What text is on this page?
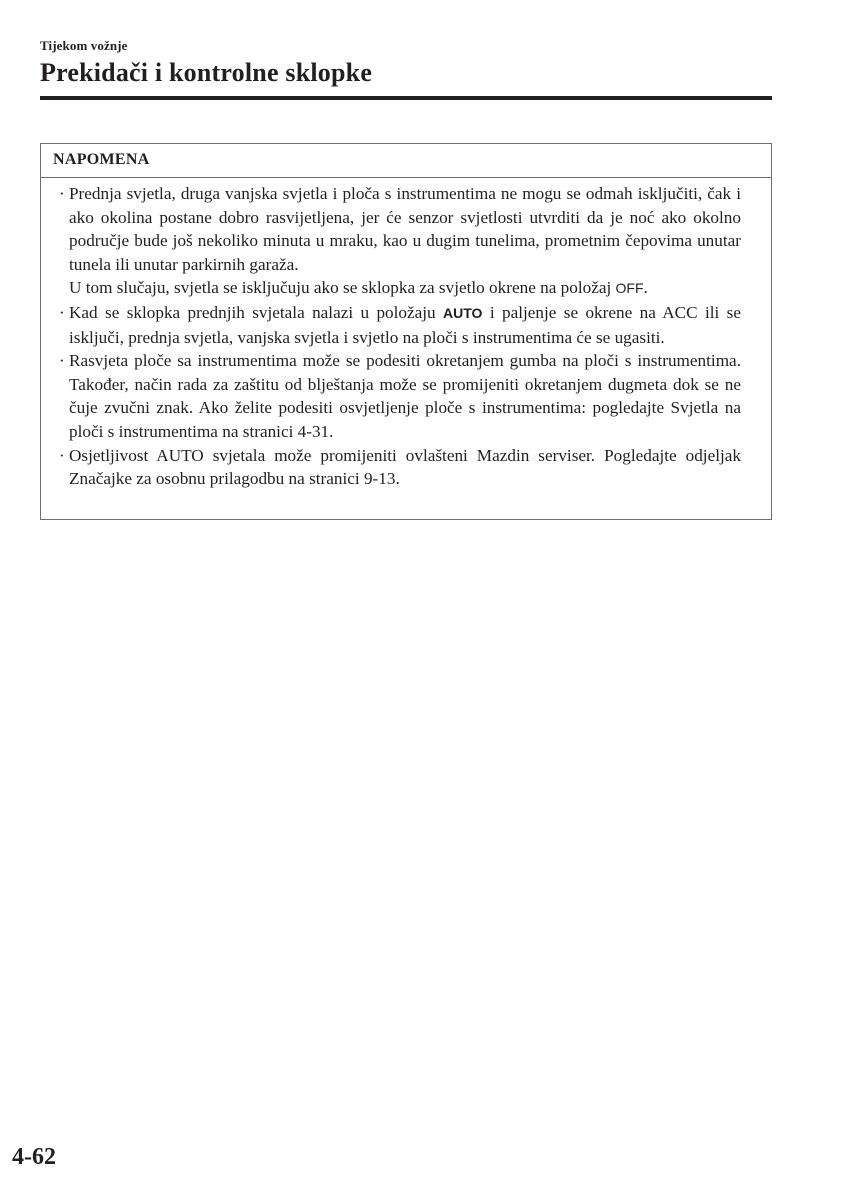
Tijekom vožnje
Prekidači i kontrolne sklopke
NAPOMENA
· Prednja svjetla, druga vanjska svjetla i ploča s instrumentima ne mogu se odmah isključiti, čak i ako okolina postane dobro rasvijetljena, jer će senzor svjetlosti utvrditi da je noć ako okolno područje bude još nekoliko minuta u mraku, kao u dugim tunelima, prometnim čepovima unutar tunela ili unutar parkirnih garaža.
U tom slučaju, svjetla se isključuju ako se sklopka za svjetlo okrene na položaj OFF.
· Kad se sklopka prednjih svjetala nalazi u položaju AUTO i paljenje se okrene na ACC ili se isključi, prednja svjetla, vanjska svjetla i svjetlo na ploči s instrumentima će se ugasiti.
· Rasvjeta ploče sa instrumentima može se podesiti okretanjem gumba na ploči s instrumentima. Također, način rada za zaštitu od blještanja može se promijeniti okretanjem dugmeta dok se ne čuje zvučni znak. Ako želite podesiti osvjetljenje ploče s instrumentima: pogledajte Svjetla na ploči s instrumentima na stranici 4-31.
· Osjetljivost AUTO svjetala može promijeniti ovlašteni Mazdin serviser. Pogledajte odjeljak Značajke za osobnu prilagodbu na stranici 9-13.
4-62
